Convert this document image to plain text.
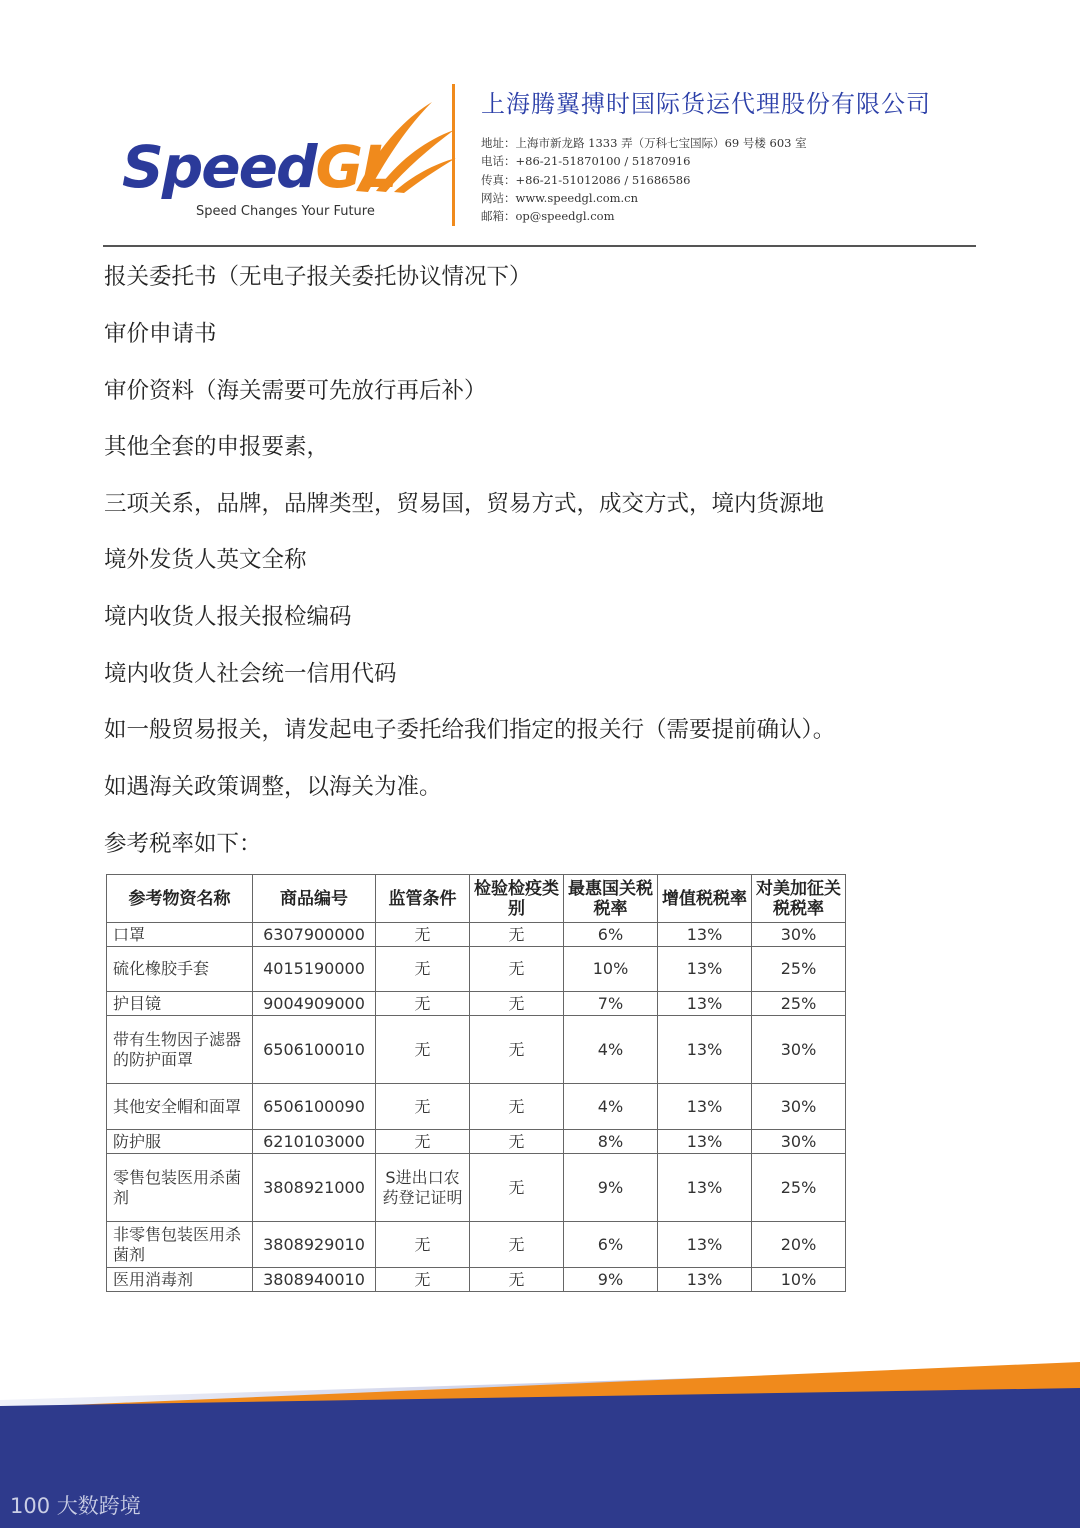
SpeedGL
Speed Changes Your Future
上海腾翼搏时国际货运代理股份有限公司
地址：上海市新龙路 1333 弄（万科七宝国际）69 号楼 603 室
电话：+86-21-51870100 / 51870916
传真：+86-21-51012086 / 51686586
网站：www.speedgl.com.cn
邮箱：op@speedgl.com
报关委托书（无电子报关委托协议情况下）
审价申请书
审价资料（海关需要可先放行再后补）
其他全套的申报要素，
三项关系，品牌，品牌类型，贸易国，贸易方式，成交方式，境内货源地
境外发货人英文全称
境内收货人报关报检编码
境内收货人社会统一信用代码
如一般贸易报关，请发起电子委托给我们指定的报关行（需要提前确认）。
如遇海关政策调整，以海关为准。
参考税率如下：
参考物资名称	商品编号	监管条件	检验检疫类别	最惠国关税税率	增值税税率	对美加征关税税率
口罩	6307900000	无	无	6%	13%	30%
硫化橡胶手套	4015190000	无	无	10%	13%	25%
护目镜	9004909000	无	无	7%	13%	25%
带有生物因子滤器的防护面罩	6506100010	无	无	4%	13%	30%
其他安全帽和面罩	6506100090	无	无	4%	13%	30%
防护服	6210103000	无	无	8%	13%	30%
零售包装医用杀菌剂	3808921000	S进出口农药登记证明	无	9%	13%	25%
非零售包装医用杀菌剂	3808929010	无	无	6%	13%	20%
医用消毒剂	3808940010	无	无	9%	13%	10%
100 大数跨境
